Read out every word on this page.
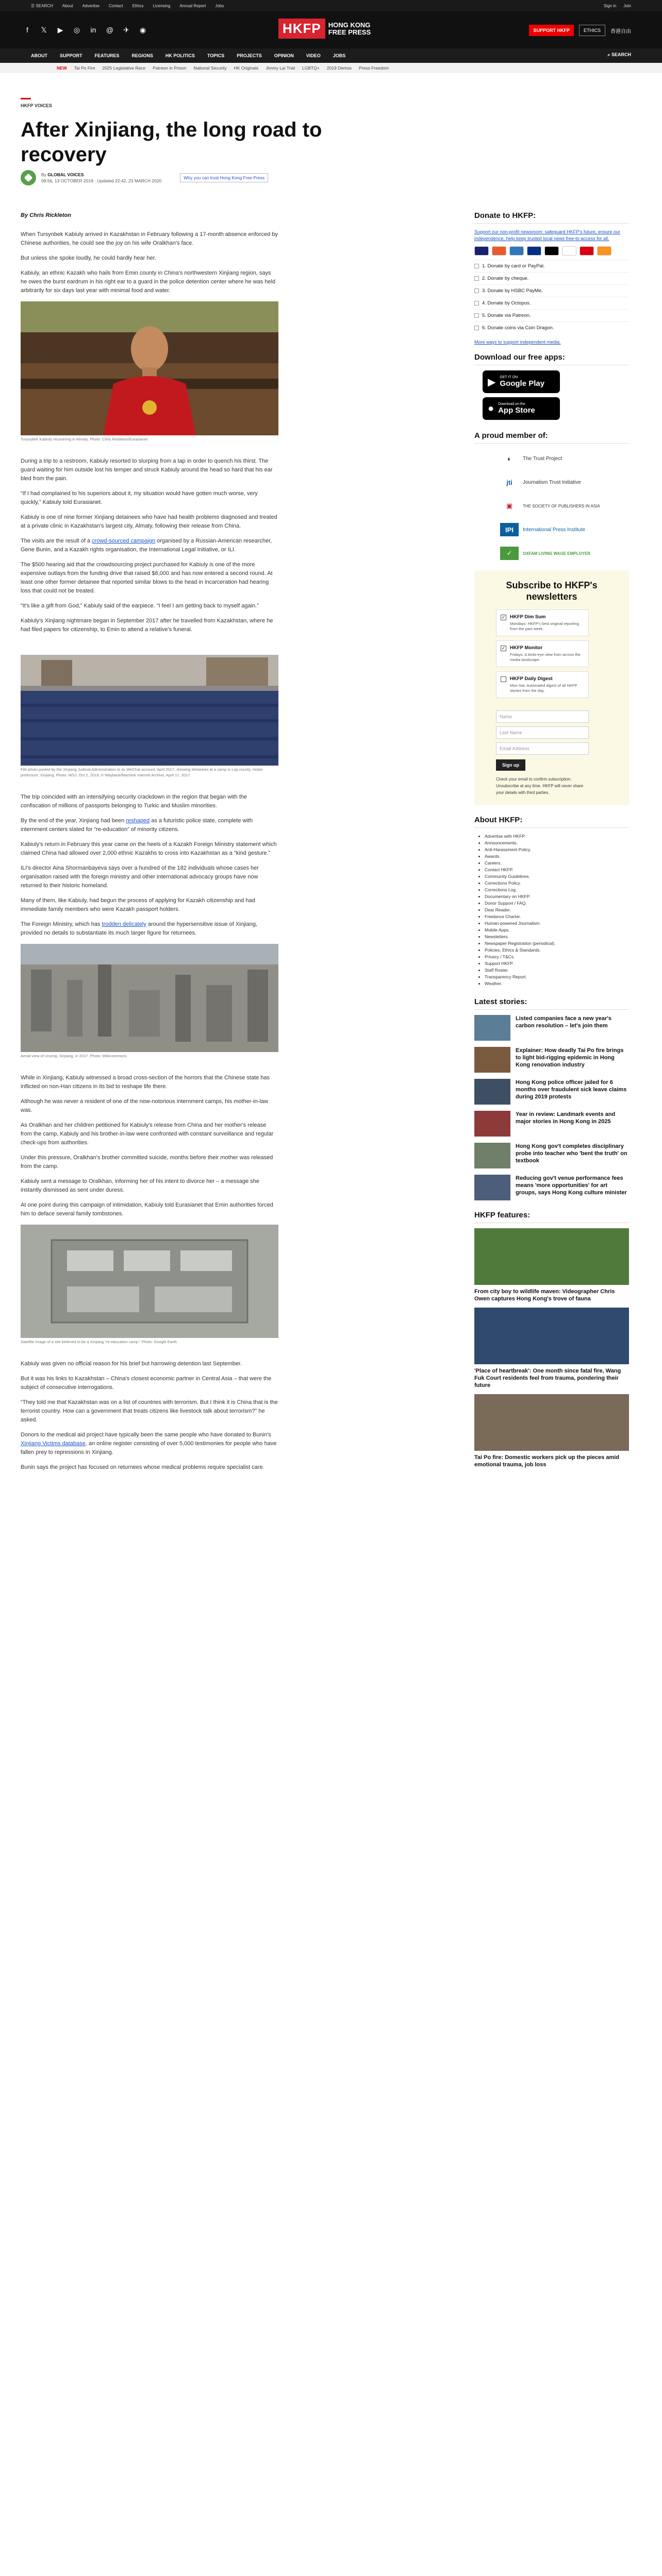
☰ SEARCH About Advertise Contact Ethics Licensing Annual Report Jobs	Sign in Join
f	𝕏 ▶ ◎ in @ ✈ ◉	HKFP	HONG KONG FREE PRESS	SUPPORT HKFP	ETHICS	香港自由
ABOUT	SUPPORT	FEATURES	REGIONS	HK POLITICS	TOPICS	PROJECTS	OPINION	VIDEO	JOBS	⌕ SEARCH
NEW Tai Po Fire 2025 Legislative Race Patreon in Prison National Security HK Originals Jimmy Lai Trial LGBTQ+ 2019 Demos Press Freedom
HKFP VOICES
After Xinjiang, the long road to recovery
By GLOBAL VOICES
09:56, 13 OCTOBER 2019 · Updated 22:42, 23 MARCH 2020
Why you can trust Hong Kong Free Press

By Chris Rickleton

When Tursynbek Kabiuly arrived in Kazakhstan in February following a 17-month absence enforced by Chinese authorities, he could see the joy on his wife Oralkhan's face.

But unless she spoke loudly, he could hardly hear her.

Kabiuly, an ethnic Kazakh who hails from Emin county in China's northwestern Xinjiang region, says he owes the burst eardrum in his right ear to a guard in the police detention center where he was held arbitrarily for six days last year with minimal food and water.

Turysybek Kabiuly recovering in Almaty. Photo: Chris Rickleton/Eurasianet.

During a trip to a restroom, Kabiuly resorted to slurping from a tap in order to quench his thirst. The guard waiting for him outside lost his temper and struck Kabiuly around the head so hard that his ear bled from the pain.

“If I had complained to his superiors about it, my situation would have gotten much worse, very quickly,” Kabiuly told Eurasianet.

Kabiuly is one of nine former Xinjiang detainees who have had health problems diagnosed and treated at a private clinic in Kazakhstan's largest city, Almaty, following their release from China.

The visits are the result of a crowd-sourced campaign organised by a Russian-American researcher, Gene Bunin, and a Kazakh rights organisation, the International Legal Initiative, or ILI.

The $500 hearing aid that the crowdsourcing project purchased for Kabiuly is one of the more expensive outlays from the funding drive that raised $6,000 and has now entered a second round. At least one other former detainee that reported similar blows to the head in incarceration had hearing loss that could not be treated.

“It's like a gift from God,” Kabiuly said of the earpiece. “I feel I am getting back to myself again.”

Kabiuly's Xinjiang nightmare began in September 2017 after he travelled from Kazakhstan, where he had filed papers for citizenship, to Emin to attend a relative's funeral.

File photo posted by the Xinjiang Judicial Administration to its WeChat account, April 2017, showing detainees at a camp in Lop county, Hotan prefecture, Xinjiang. Photo: WSJ, Oct 2, 2019; © Wayback/Machine Internet Archive, April 17, 2017.

The trip coincided with an intensifying security crackdown in the region that began with the confiscation of millions of passports belonging to Turkic and Muslim minorities.

By the end of the year, Xinjiang had been reshaped as a futuristic police state, complete with internment centers slated for “re-education” of minority citizens.

Kabiuly's return in February this year came on the heels of a Kazakh Foreign Ministry statement which claimed China had allowed over 2,000 ethnic Kazakhs to cross into Kazakhstan as a “kind gesture.”

ILI's director Aina Shormanbayeva says over a hundred of the 182 individuals whose cases her organisation raised with the foreign ministry and other international advocacy groups have now returned to their historic homeland.

Many of them, like Kabiuly, had begun the process of applying for Kazakh citizenship and had immediate family members who were Kazakh passport holders.

The Foreign Ministry, which has trodden delicately around the hypersensitive issue of Xinjiang, provided no details to substantiate its much larger figure for returnees.

Aerial view of Urumqi, Xinjiang, in 2017. Photo: Wikicommons.

While in Xinjiang, Kabiuly witnessed a broad cross-section of the horrors that the Chinese state has inflicted on non-Han citizens in its bid to reshape life there.

Although he was never a resident of one of the now-notorious internment camps, his mother-in-law was.

As Oralkhan and her children petitioned for Kabiuly's release from China and her mother's release from the camp, Kabiuly and his brother-in-law were confronted with constant surveillance and regular check-ups from authorities.

Under this pressure, Oralkhan's brother committed suicide, months before their mother was released from the camp.

Kabiuly sent a message to Oralkhan, informing her of his intent to divorce her – a message she instantly dismissed as sent under duress.

At one point during this campaign of intimidation, Kabiuly told Eurasianet that Emin authorities forced him to deface several family tombstones.

Satellite image of a site believed to be a Xinjiang “re-education camp.” Photo: Google Earth.

Kabiuly was given no official reason for his brief but harrowing detention last September.

But it was his links to Kazakhstan – China's closest economic partner in Central Asia – that were the subject of consecutive interrogations.

“They told me that Kazakhstan was on a list of countries with terrorism. But I think it is China that is the terrorist country. How can a government that treats citizens like livestock talk about terrorism?” he asked.

Donors to the medical aid project have typically been the same people who have donated to Bunin's Xinjiang Victims database, an online register consisting of over 5,000 testimonies for people who have fallen prey to repressions in Xinjiang.

Bunin says the project has focused on returnees whose medical problems require specialist care.

Donate to HKFP:

Support our non-profit newsroom: safeguard HKFP's future, ensure our independence, help keep trusted local news free-to-access for all.

1. Donate by card or PayPal.
2. Donate by cheque.
3. Donate by HSBC PayMe.
4. Donate by Octopus.
5. Donate via Patreon.
6. Donate coins via Coin Dragon.

More ways to support independent media.

Download our free apps:
▶ GET IT ON
Google Play
● Download on the
App Store
A proud member of:
◐	The Trust Project
jti	Journalism Trust Initiative
▣	THE SOCIETY OF PUBLISHERS IN ASIA
IPI	International Press Institute
✓	OXFAM LIVING WAGE EMPLOYER
Subscribe to HKFP's newsletters
✓ HKFP Dim Sum
Mondays: HKFP's best original reporting from the past week.
✓ HKFP Monitor
Fridays: A birds-eye view from across the media landscape.
HKFP Daily Digest
Mon-Sat: Automated digest of all HKFP stories from the day.
Name
Last Name
Email Address
Sign up

Check your email to confirm subscription. Unsubscribe at any time. HKFP will never share your details with third parties.

About HKFP:
• Advertise with HKFP.
• Announcements.
• Anti-Harassment Policy.
• Awards.
• Careers.
• Contact HKFP.
• Community Guidelines.
• Corrections Policy.
• Corrections Log.
• Documentary on HKFP.
• Donor Support / FAQ.
• Dear Reader.
• Freelance Charter.
• Human-powered Journalism.
• Mobile Apps.
• Newsletters.
• Newspaper Registration (periodical).
• Policies, Ethics & Standards.
• Privacy / T&Cs.
• Support HKFP.
• Staff Roster.
• Transparency Report.
• Weather.
Latest stories:
Listed companies face a new year's carbon resolution – let's join them
Explainer: How deadly Tai Po fire brings to light bid-rigging epidemic in Hong Kong renovation industry
Hong Kong police officer jailed for 6 months over fraudulent sick leave claims during 2019 protests
Year in review: Landmark events and major stories in Hong Kong in 2025
Hong Kong gov't completes disciplinary probe into teacher who 'bent the truth' on textbook
Reducing gov't venue performance fees means 'more opportunities' for art groups, says Hong Kong culture minister
HKFP features:
From city boy to wildlife maven: Videographer Chris Owen captures Hong Kong's trove of fauna
'Place of heartbreak': One month since fatal fire, Wang Fuk Court residents feel from trauma, pondering their future
Tai Po fire: Domestic workers pick up the pieces amid emotional trauma, job loss
